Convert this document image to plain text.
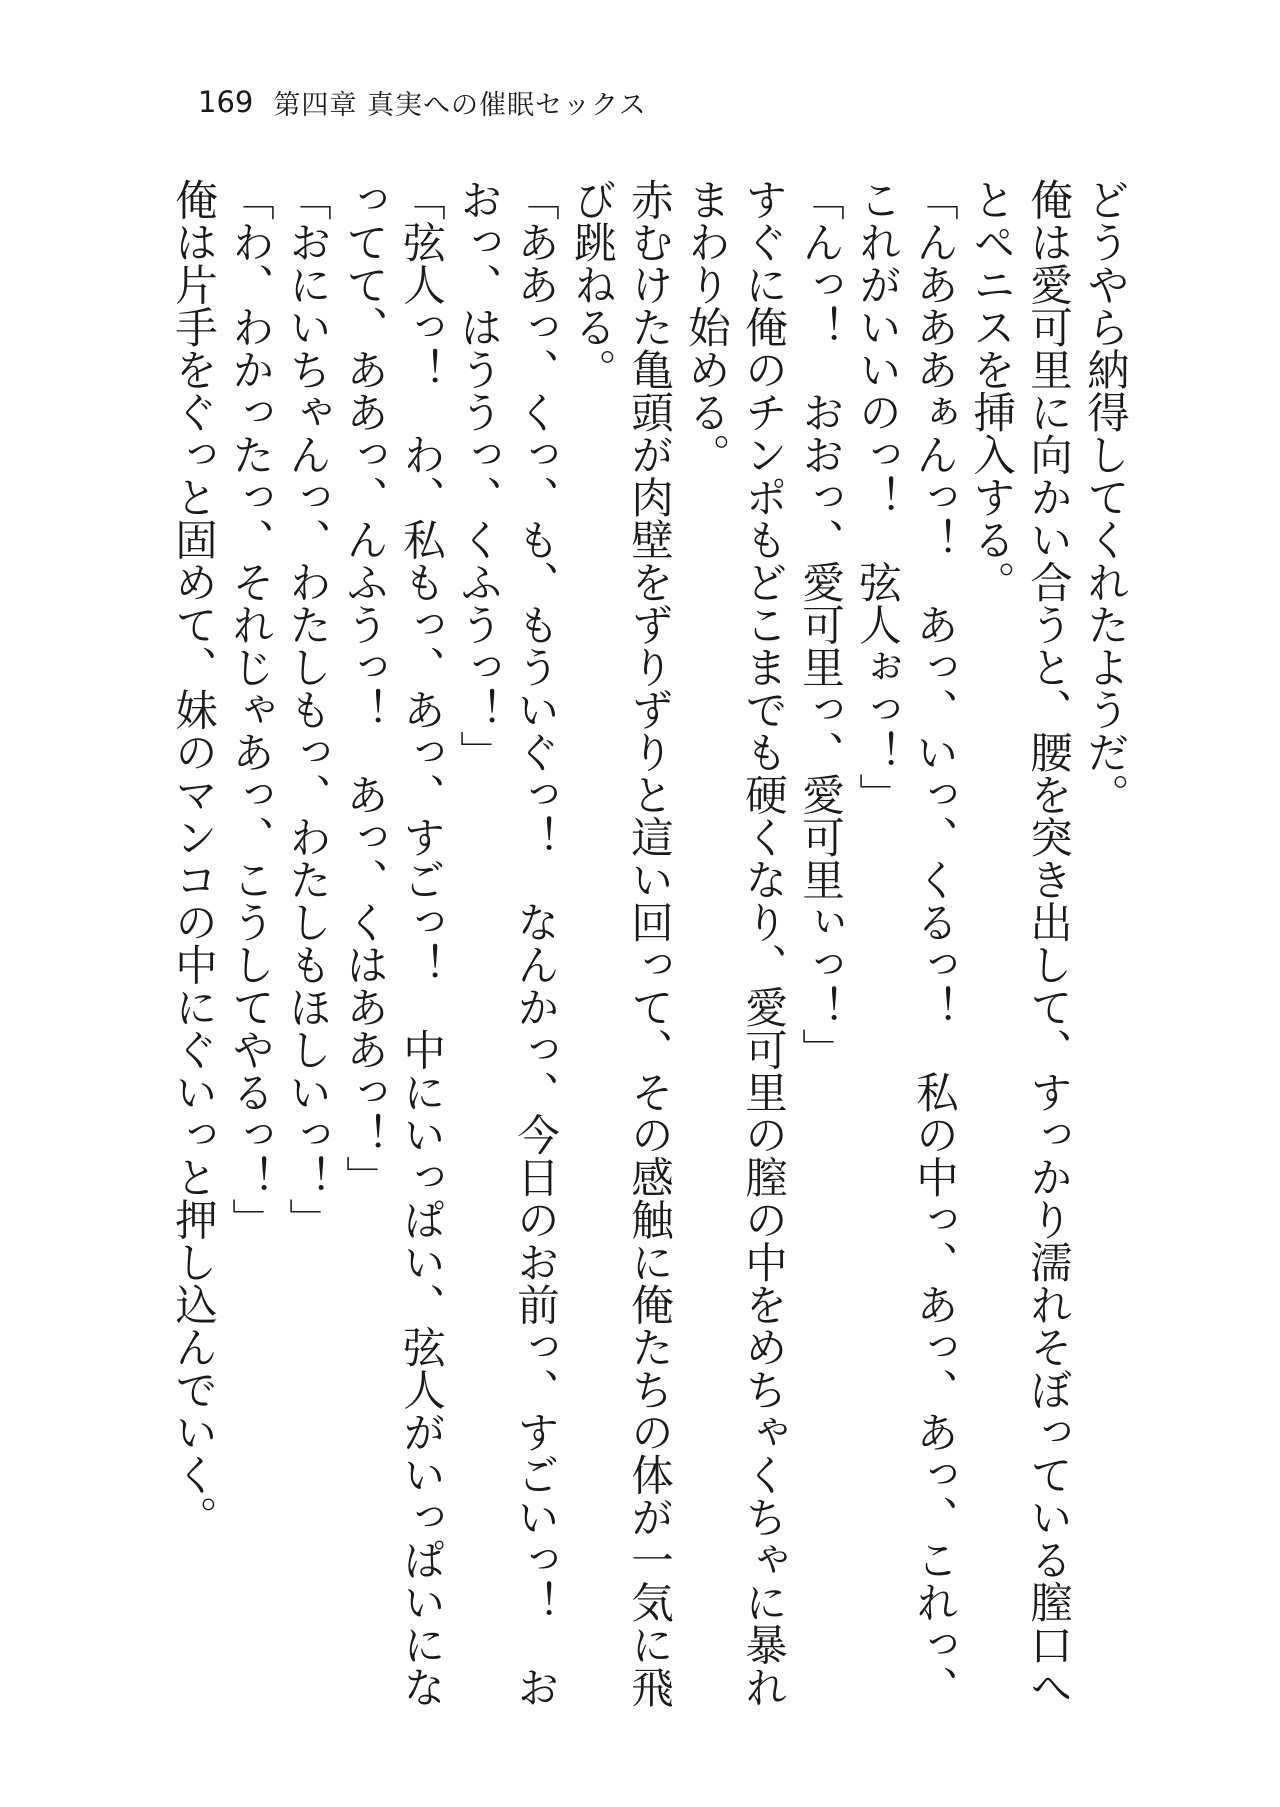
169 第四章 真実への催眠セックス

どうやら納得してくれたようだ。

俺は愛可里に向かい合うと、腰を突き出して、すっかり濡れそぼっている膣口へとペニスを挿入する。

「んあああぁんっ！　あっ、いっ、くるっ！　私の中っ、あっ、あっ、これっ、これがいいのっ！　弦人ぉっ！」

「んっ！　おおっ、愛可里っ、愛可里ぃっ！」

すぐに俺のチンポもどこまでも硬くなり、愛可里の膣の中をめちゃくちゃに暴れまわり始める。

赤むけた亀頭が肉壁をずりずりと這い回って、その感触に俺たちの体が一気に飛び跳ねる。

「ああっ、くっ、も、もういぐっ！　なんかっ、今日のお前っ、すごいっ！　おおっ、はううっ、くふうっ！」

「弦人っ！　わ、私もっ、あっ、すごっ！　中にいっぱい、弦人がいっぱいになってて、ああっ、んふうっ！　あっ、くはああっ！」

「おにいちゃんっ、わたしもっ、わたしもほしいっ！」

「わ、わかったっ、それじゃあっ、こうしてやるっ！」

俺は片手をぐっと固めて、妹のマンコの中にぐいっと押し込んでいく。
